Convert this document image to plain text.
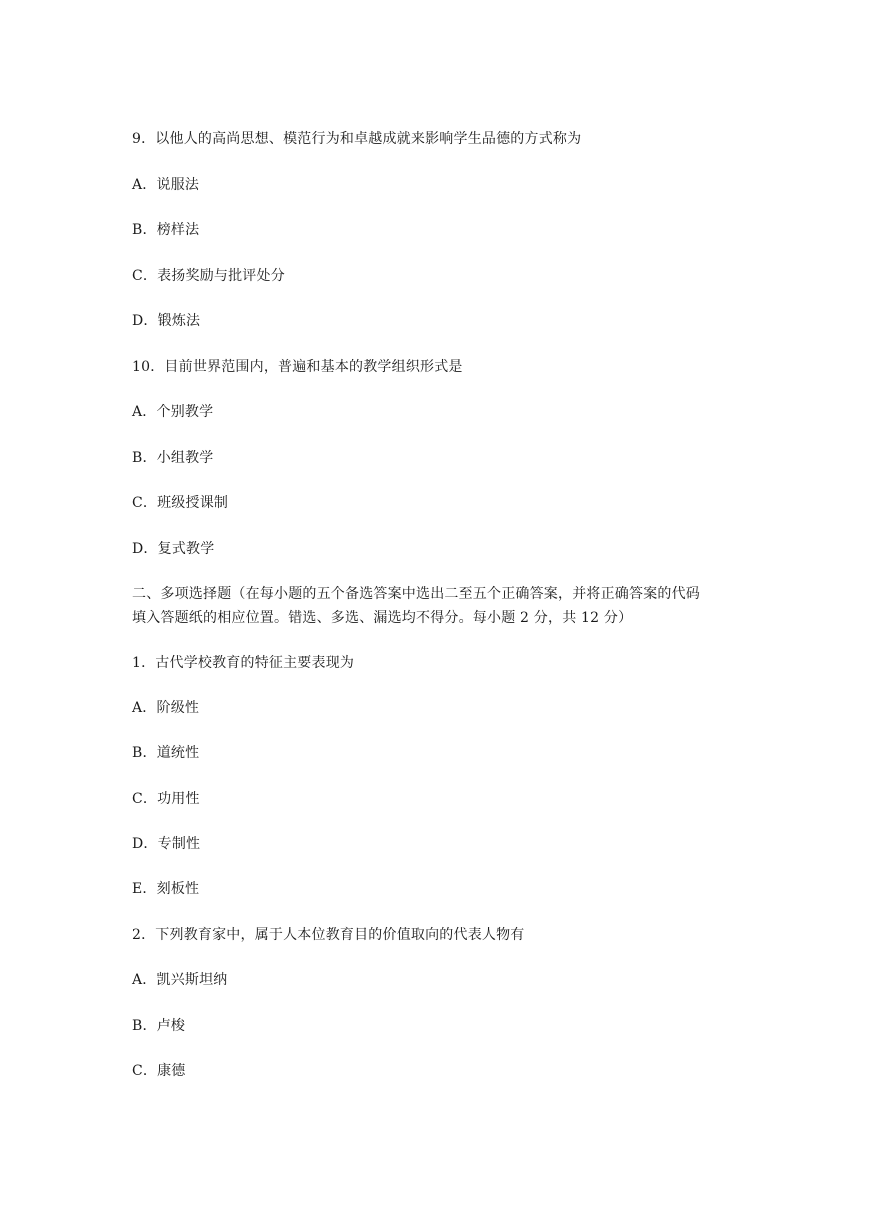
9．以他人的高尚思想、模范行为和卓越成就来影响学生品德的方式称为
A．说服法
B．榜样法
C．表扬奖励与批评处分
D．锻炼法
10．目前世界范围内，普遍和基本的教学组织形式是
A．个别教学
B．小组教学
C．班级授课制
D．复式教学
二、多项选择题（在每小题的五个备选答案中选出二至五个正确答案，并将正确答案的代码
填入答题纸的相应位置。错选、多选、漏选均不得分。每小题 2 分，共 12 分）
1．古代学校教育的特征主要表现为
A．阶级性
B．道统性
C．功用性
D．专制性
E．刻板性
2．下列教育家中，属于人本位教育目的价值取向的代表人物有
A．凯兴斯坦纳
B．卢梭
C．康德
